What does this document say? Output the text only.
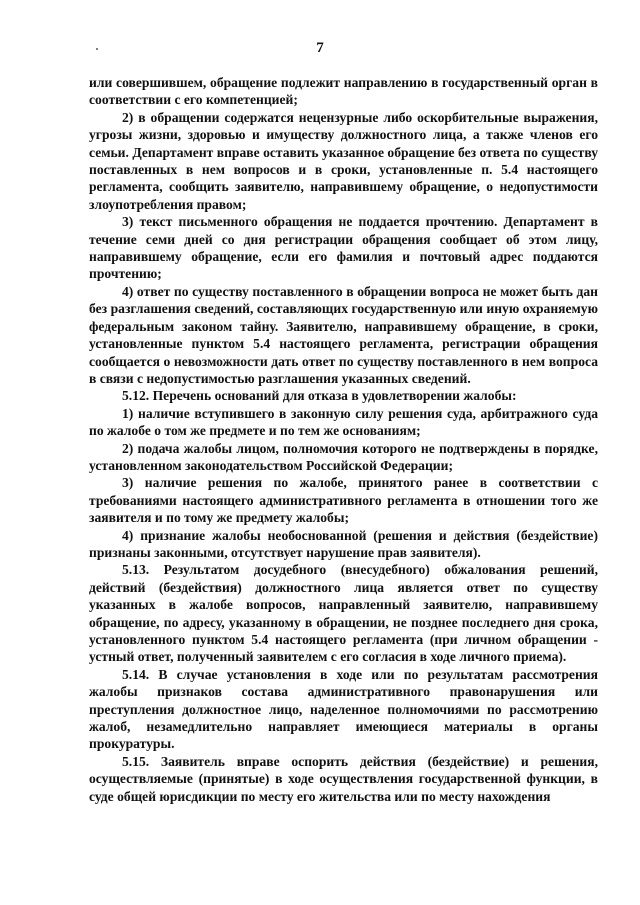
7

или совершившем, обращение подлежит направлению в государственный орган в соответствии с его компетенцией;

2) в обращении содержатся нецензурные либо оскорбительные выражения, угрозы жизни, здоровью и имуществу должностного лица, а также членов его семьи. Департамент вправе оставить указанное обращение без ответа по существу поставленных в нем вопросов и в сроки, установленные п. 5.4 настоящего регламента, сообщить заявителю, направившему обращение, о недопустимости злоупотребления правом;

3) текст письменного обращения не поддается прочтению. Департамент в течение семи дней со дня регистрации обращения сообщает об этом лицу, направившему обращение, если его фамилия и почтовый адрес поддаются прочтению;

4) ответ по существу поставленного в обращении вопроса не может быть дан без разглашения сведений, составляющих государственную или иную охраняемую федеральным законом тайну. Заявителю, направившему обращение, в сроки, установленные пунктом 5.4 настоящего регламента, регистрации обращения сообщается о невозможности дать ответ по существу поставленного в нем вопроса в связи с недопустимостью разглашения указанных сведений.

5.12. Перечень оснований для отказа в удовлетворении жалобы:

1) наличие вступившего в законную силу решения суда, арбитражного суда по жалобе о том же предмете и по тем же основаниям;

2) подача жалобы лицом, полномочия которого не подтверждены в порядке, установленном законодательством Российской Федерации;

3) наличие решения по жалобе, принятого ранее в соответствии с требованиями настоящего административного регламента в отношении того же заявителя и по тому же предмету жалобы;

4) признание жалобы необоснованной (решения и действия (бездействие) признаны законными, отсутствует нарушение прав заявителя).

5.13. Результатом досудебного (внесудебного) обжалования решений, действий (бездействия) должностного лица является ответ по существу указанных в жалобе вопросов, направленный заявителю, направившему обращение, по адресу, указанному в обращении, не позднее последнего дня срока, установленного пунктом 5.4 настоящего регламента (при личном обращении - устный ответ, полученный заявителем с его согласия в ходе личного приема).

5.14. В случае установления в ходе или по результатам рассмотрения жалобы признаков состава административного правонарушения или преступления должностное лицо, наделенное полномочиями по рассмотрению жалоб, незамедлительно направляет имеющиеся материалы в органы прокуратуры.

5.15. Заявитель вправе оспорить действия (бездействие) и решения, осуществляемые (принятые) в ходе осуществления государственной функции, в суде общей юрисдикции по месту его жительства или по месту нахождения
